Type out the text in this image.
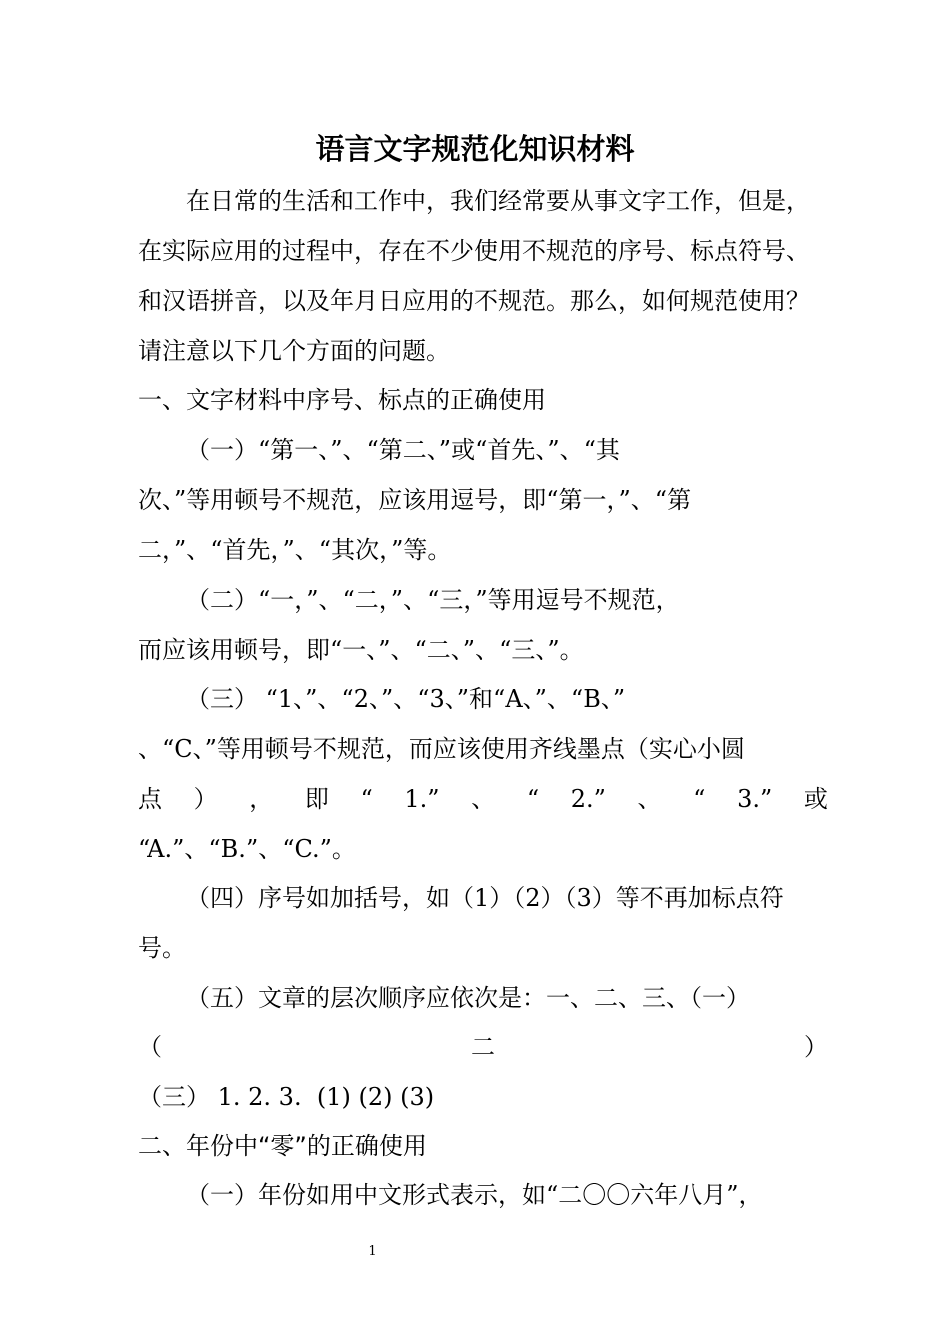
语言文字规范化知识材料
在日常的生活和工作中，我们经常要从事文字工作，但是，
在实际应用的过程中，存在不少使用不规范的序号、标点符号、
和汉语拼音，以及年月日应用的不规范。那么，如何规范使用？
请注意以下几个方面的问题。
一、文字材料中序号、标点的正确使用
（一）“第一、”、“第二、”或“首先、”、“其
次、”等用顿号不规范，应该用逗号，即“第一，”、“第
二，”、“首先，”、“其次，”等。
（二）“一，”、“二，”、“三，”等用逗号不规范，
而应该用顿号，即“一、”、“二、”、“三、”。
（三） “1、”、“2、”、“3、”和“A、”、“B、”
、“C、”等用顿号不规范，而应该使用齐线墨点（实心小圆
点 ） ， 即 “ 1.” 、 “ 2.” 、 “ 3.” 或
“A.”、“B.”、“C.”。
（四）序号如加括号，如（1）（2）（3）等不再加标点符
号。
（五）文章的层次顺序应依次是：一、二、三、（一）
（	二	）
（三） 1. 2. 3.  (1) (2) (3)
二、年份中“零”的正确使用
（一）年份如用中文形式表示，如“二〇〇六年八月”，
1
